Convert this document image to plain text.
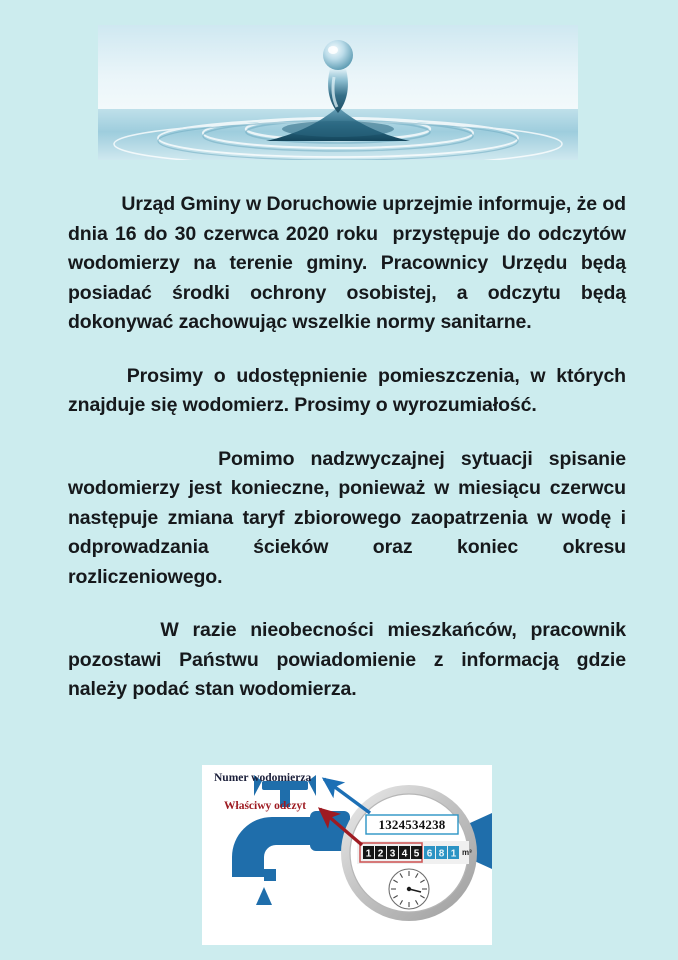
	Urząd Gminy w Doruchowie uprzejmie informuje, że od dnia 16 do 30 czerwca 2020 roku  przystępuje do odczytów wodomierzy na terenie gminy. Pracownicy Urzędu będą posiadać środki ochrony osobistej, a odczytu będą dokonywać zachowując wszelkie normy sanitarne.

	Prosimy o udostępnienie pomieszczenia, w których znajduje się wodomierz. Prosimy o wyrozumiałość.

	Pomimo nadzwyczajnej sytuacji spisanie wodomierzy jest konieczne, ponieważ w miesiącu czerwcu następuje zmiana taryf zbiorowego zaopatrzenia w wodę i odprowadzania ścieków oraz koniec okresu rozliczeniowego.

	W razie nieobecności mieszkańców, pracownik pozostawi Państwu powiadomienie z informacją gdzie należy podać stan wodomierza.

1324534238
1 2 3 4 5 6 8 1 m³
Numer wodomierza
Właściwy odczyt
